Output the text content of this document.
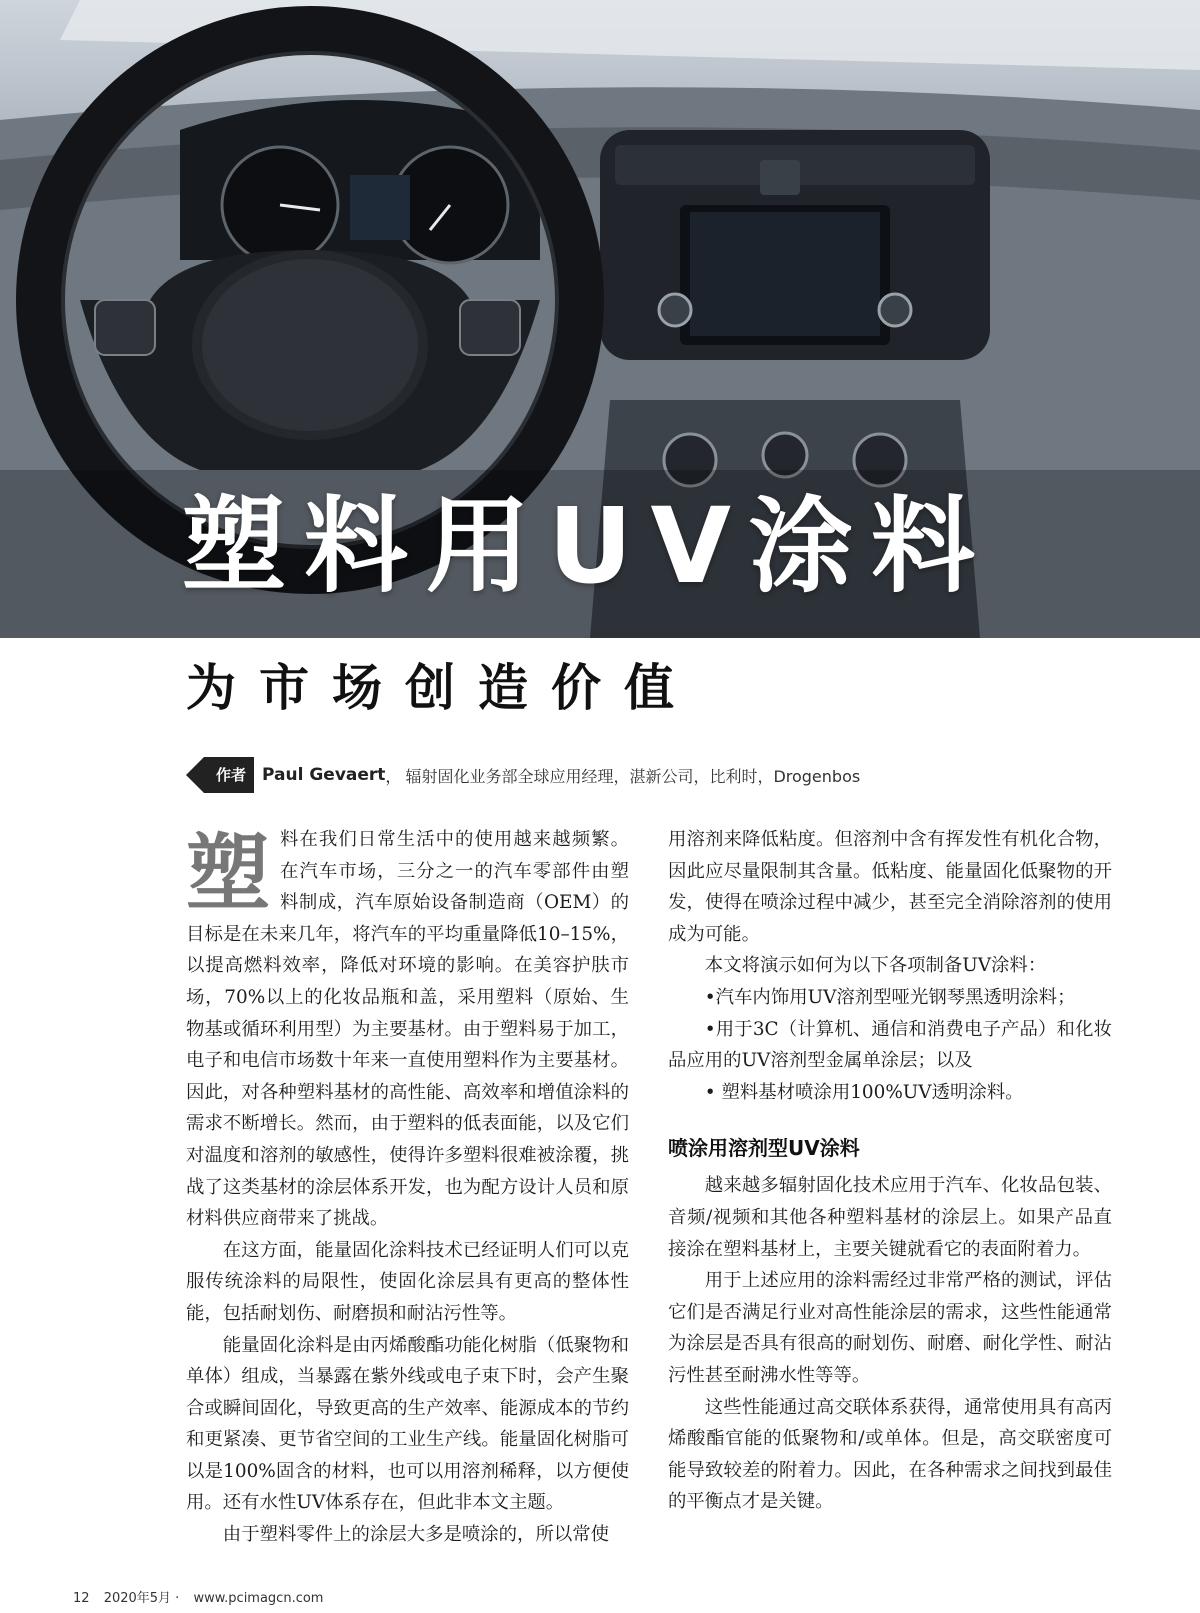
塑料用UV涂料
为市场创造价值
作者 Paul Gevaert ， 辐射固化业务部全球应用经理，湛新公司，比利时，Drogenbos

塑料在我们日常生活中的使用越来越频繁。在汽车市场，三分之一的汽车零部件由塑料制成，汽车原始设备制造商（OEM）的目标是在未来几年，将汽车的平均重量降低10–15%，以提高燃料效率，降低对环境的影响。在美容护肤市场，70%以上的化妆品瓶和盖，采用塑料（原始、生物基或循环利用型）为主要基材。由于塑料易于加工，电子和电信市场数十年来一直使用塑料作为主要基材。因此，对各种塑料基材的高性能、高效率和增值涂料的需求不断增长。然而，由于塑料的低表面能，以及它们对温度和溶剂的敏感性，使得许多塑料很难被涂覆，挑战了这类基材的涂层体系开发，也为配方设计人员和原材料供应商带来了挑战。

在这方面，能量固化涂料技术已经证明人们可以克服传统涂料的局限性，使固化涂层具有更高的整体性能，包括耐划伤、耐磨损和耐沾污性等。

能量固化涂料是由丙烯酸酯功能化树脂（低聚物和单体）组成，当暴露在紫外线或电子束下时，会产生聚合或瞬间固化，导致更高的生产效率、能源成本的节约和更紧凑、更节省空间的工业生产线。能量固化树脂可以是100%固含的材料，也可以用溶剂稀释，以方便使用。还有水性UV体系存在，但此非本文主题。

由于塑料零件上的涂层大多是喷涂的，所以常使

用溶剂来降低粘度。但溶剂中含有挥发性有机化合物，因此应尽量限制其含量。低粘度、能量固化低聚物的开发，使得在喷涂过程中减少，甚至完全消除溶剂的使用成为可能。

本文将演示如何为以下各项制备UV涂料：

•汽车内饰用UV溶剂型哑光钢琴黑透明涂料；

•用于3C（计算机、通信和消费电子产品）和化妆品应用的UV溶剂型金属单涂层；以及

• 塑料基材喷涂用100%UV透明涂料。

喷涂用溶剂型UV涂料

越来越多辐射固化技术应用于汽车、化妆品包装、音频/视频和其他各种塑料基材的涂层上。如果产品直接涂在塑料基材上，主要关键就看它的表面附着力。

用于上述应用的涂料需经过非常严格的测试，评估它们是否满足行业对高性能涂层的需求，这些性能通常为涂层是否具有很高的耐划伤、耐磨、耐化学性、耐沾污性甚至耐沸水性等等。

这些性能通过高交联体系获得，通常使用具有高丙烯酸酯官能的低聚物和/或单体。但是，高交联密度可能导致较差的附着力。因此，在各种需求之间找到最佳的平衡点才是关键。

12 2020年5月 · www.pcimagcn.com
